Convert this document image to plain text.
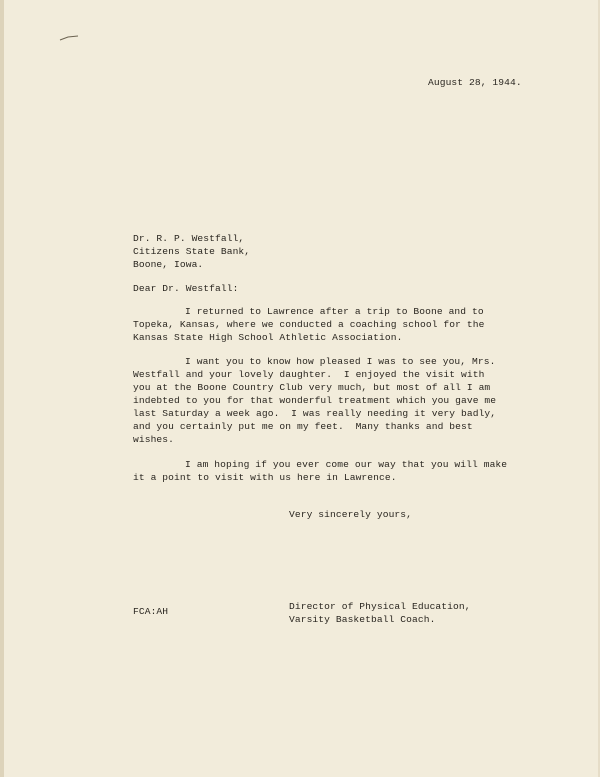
August 28, 1944.
Dr. R. P. Westfall,
Citizens State Bank,
Boone, Iowa.
Dear Dr. Westfall:
I returned to Lawrence after a trip to Boone and to
Topeka, Kansas, where we conducted a coaching school for the
Kansas State High School Athletic Association.
I want you to know how pleased I was to see you, Mrs.
Westfall and your lovely daughter.  I enjoyed the visit with
you at the Boone Country Club very much, but most of all I am
indebted to you for that wonderful treatment which you gave me
last Saturday a week ago.  I was really needing it very badly,
and you certainly put me on my feet.  Many thanks and best
wishes.
I am hoping if you ever come our way that you will make
it a point to visit with us here in Lawrence.
Very sincerely yours,
FCA:AH	Director of Physical Education,
Varsity Basketball Coach.
